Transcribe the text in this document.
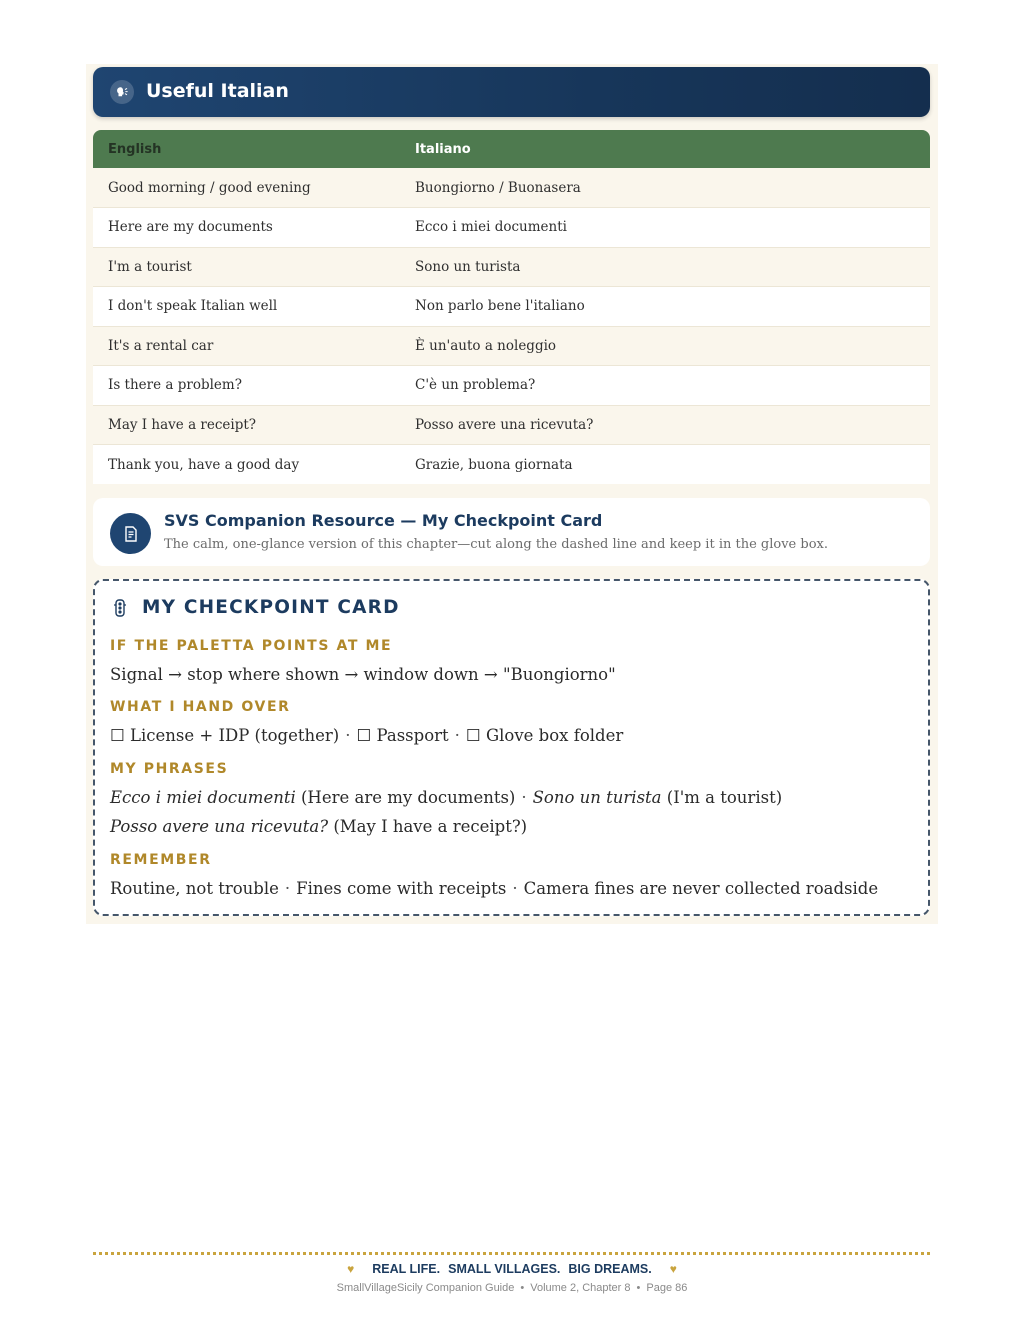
Useful Italian
English	Italiano
Good morning / good evening	Buongiorno / Buonasera
Here are my documents	Ecco i miei documenti
I'm a tourist	Sono un turista
I don't speak Italian well	Non parlo bene l'italiano
It's a rental car	È un'auto a noleggio
Is there a problem?	C'è un problema?
May I have a receipt?	Posso avere una ricevuta?
Thank you, have a good day	Grazie, buona giornata
SVS Companion Resource — My Checkpoint Card
The calm, one-glance version of this chapter—cut along the dashed line and keep it in the glove box.
MY CHECKPOINT CARD
IF THE PALETTA POINTS AT ME
Signal → stop where shown → window down → "Buongiorno"
WHAT I HAND OVER
☐ License + IDP (together) · ☐ Passport · ☐ Glove box folder
MY PHRASES
Ecco i miei documenti (Here are my documents) · Sono un turista (I'm a tourist)
Posso avere una ricevuta? (May I have a receipt?)
REMEMBER
Routine, not trouble · Fines come with receipts · Camera fines are never collected roadside
♥ REAL LIFE. SMALL VILLAGES. BIG DREAMS. ♥
SmallVillageSicily Companion Guide • Volume 2, Chapter 8 • Page 86
